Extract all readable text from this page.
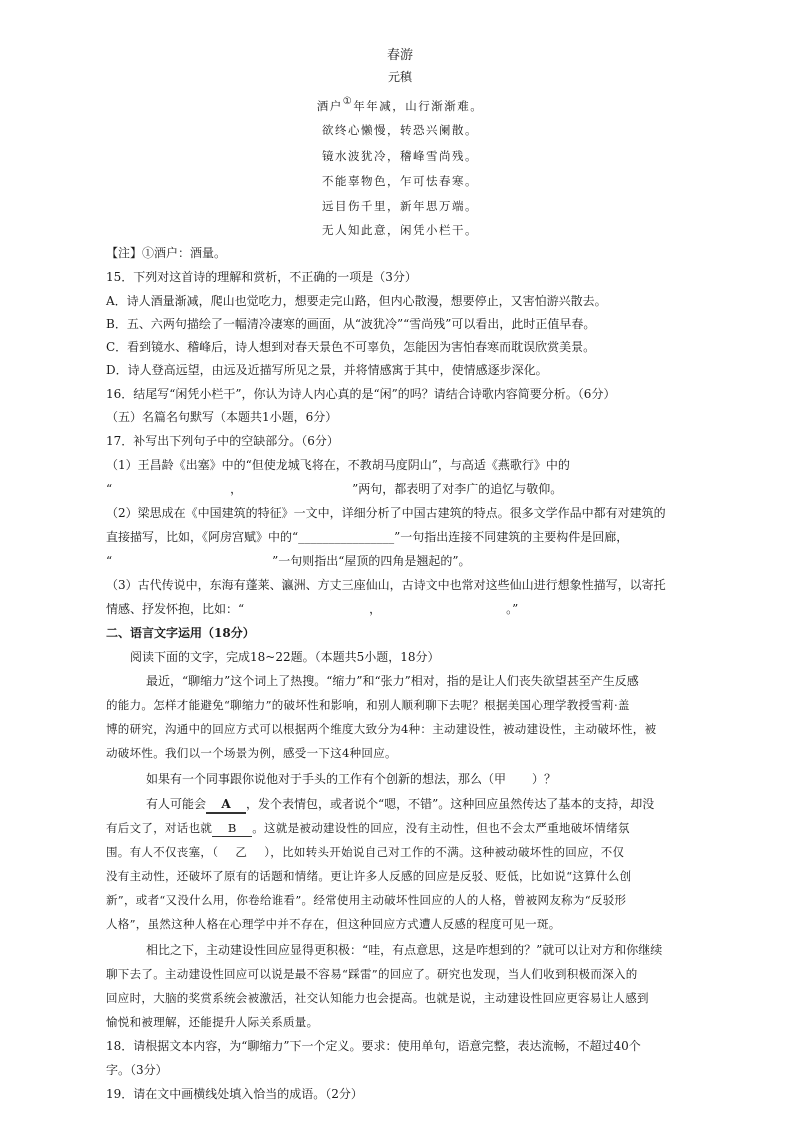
春游
元稹
酒户①年年减，山行渐渐难。
欲终心懒慢，转恐兴阑散。
镜水波犹冷，稽峰雪尚残。
不能辜物色，乍可怯春寒。
远目伤千里，新年思万端。
无人知此意，闲凭小栏干。
【注】①酒户：酒量。
15．下列对这首诗的理解和赏析，不正确的一项是（3分）
A．诗人酒量渐减，爬山也觉吃力，想要走完山路，但内心散漫，想要停止，又害怕游兴散去。
B．五、六两句描绘了一幅清冷凄寒的画面，从“波犹冷”“雪尚残”可以看出，此时正值早春。
C．看到镜水、稽峰后，诗人想到对春天景色不可辜负，怎能因为害怕春寒而耽误欣赏美景。
D．诗人登高远望，由远及近描写所见之景，并将情感寓于其中，使情感逐步深化。
16．结尾写“闲凭小栏干”，你认为诗人内心真的是“闲”的吗？请结合诗歌内容简要分析。（6分）
（五）名篇名句默写（本题共1小题，6分）
17．补写出下列句子中的空缺部分。（6分）
（1）王昌龄《出塞》中的“但使龙城飞将在，不教胡马度阴山”，与高适《燕歌行》中的
“	，	”两句，都表明了对李广的追忆与敬仰。
（2）梁思成在《中国建筑的特征》一文中，详细分析了中国古建筑的特点。很多文学作品中都有对建筑的
直接描写，比如，《阿房宫赋》中的“________________”一句指出连接不同建筑的主要构件是回廊，
“	”一句则指出“屋顶的四角是翘起的”。
（3）古代传说中，东海有蓬莱、瀛洲、方丈三座仙山，古诗文中也常对这些仙山进行想象性描写，以寄托
情感、抒发怀抱，比如：“	，	。”
二、语言文字运用（18分）
阅读下面的文字，完成18~22题。（本题共5小题，18分）
最近，“聊缩力”这个词上了热搜。“缩力”和“张力”相对，指的是让人们丧失欲望甚至产生反感
的能力。怎样才能避免“聊缩力”的破坏性和影响，和别人顺利聊下去呢？根据美国心理学教授雪莉·盖
博的研究，沟通中的回应方式可以根据两个维度大致分为4种：主动建设性，被动建设性，主动破坏性，被
动破坏性。我们以一个场景为例，感受一下这4种回应。
如果有一个同事跟你说他对于手头的工作有个创新的想法，那么（甲 ）？
有人可能会 A ，发个表情包，或者说个“嗯，不错”。这种回应虽然传达了基本的支持，却没
有后文了，对话也就 B 。这就是被动建设性的回应，没有主动性，但也不会太严重地破坏情绪氛
围。有人不仅丧塞，（ 乙 ），比如转头开始说自己对工作的不满。这种被动破坏性的回应，不仅
没有主动性，还破坏了原有的话题和情绪。更让许多人反感的回应是反驳、贬低，比如说“这算什么创
新”，或者“又没什么用，你卷给谁看”。经常使用主动破坏性回应的人的人格，曾被网友称为“反驳形
人格”，虽然这种人格在心理学中并不存在，但这种回应方式遭人反感的程度可见一斑。
相比之下，主动建设性回应显得更积极：“哇，有点意思，这是咋想到的？”就可以让对方和你继续
聊下去了。主动建设性回应可以说是最不容易“踩雷”的回应了。研究也发现，当人们收到积极而深入的
回应时，大脑的奖赏系统会被激活，社交认知能力也会提高。也就是说，主动建设性回应更容易让人感到
愉悦和被理解，还能提升人际关系质量。
18．请根据文本内容，为“聊缩力”下一个定义。要求：使用单句，语意完整，表达流畅，不超过40个
字。（3分）
19．请在文中画横线处填入恰当的成语。（2分）
